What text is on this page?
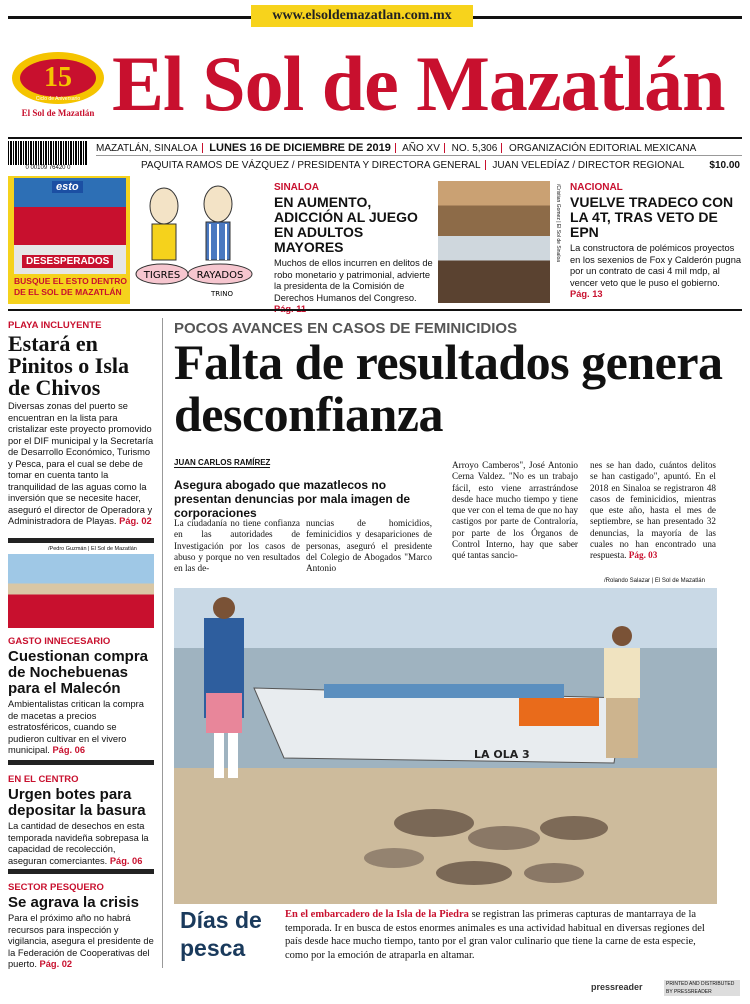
www.elsoldemazatlan.com.mx
15
Ciclo de Aniversario
El Sol de Mazatlán El Sol de Mazatlán
0 00109 76420 0
MAZATLÁN, SINALOA LUNES 16 DE DICIEMBRE DE 2019 AÑO XV NO. 5,306 ORGANIZACIÓN EDITORIAL MEXICANA
PAQUITA RAMOS DE VÁZQUEZ / PRESIDENTA Y DIRECTORA GENERAL JUAN VELEDÍAZ / DIRECTOR REGIONAL	$10.00
esto
DESESPERADOS
BUSQUE EL ESTO DENTRO DE EL SOL DE MAZATLÁN
TIGRES RAYADOS
TRINO
SINALOA
EN AUMENTO, ADICCIÓN AL JUEGO EN ADULTOS MAYORES

Muchos de ellos incurren en delitos de robo monetario y patrimonial, advierte la presidenta de la Comisión de Derechos Humanos del Congreso.

/Cristian Gomez | El Sol de Sinaloa NACIONAL
VUELVE TRADECO CON LA 4T, TRAS VETO DE EPN

La constructora de polémicos proyectos en los sexenios de Fox y Calderón pugna por un contrato de casi 4 mil mdp, al vencer veto que le puso el gobierno. Pág. 13

PLAYA INCLUYENTE
Estará en Pinitos o Isla de Chivos

Diversas zonas del puerto se encuentran en la lista para cristalizar este proyecto promovido por el DIF municipal y la Secretaría de Desarrollo Económico, Turismo y Pesca, para el cual se debe de tomar en cuenta tanto la tranquilidad de las aguas como la inversión que se necesite hacer, aseguró el director de Operadora y Administradora de Playas. Pág. 02

/Pedro Guzmán | El Sol de Mazatlán
GASTO INNECESARIO
Cuestionan compra de Nochebuenas para el Malecón

Ambientalistas critican la compra de macetas a precios estratosféricos, cuando se pudieron cultivar en el vivero municipal. Pág. 06

EN EL CENTRO
Urgen botes para depositar la basura

La cantidad de desechos en esta temporada navideña sobrepasa la capacidad de recolección, aseguran comerciantes. Pág. 06

SECTOR PESQUERO
Se agrava la crisis

Para el próximo año no habrá recursos para inspección y vigilancia, asegura el presidente de la Federación de Cooperativas del puerto. Pág. 02

POCOS AVANCES EN CASOS DE FEMINICIDIOS
Falta de resultados genera desconfianza
JUAN CARLOS RAMÍREZ
Asegura abogado que mazatlecos no presentan denuncias por mala imagen de corporaciones
La ciudadanía no tiene confianza en las autoridades de Investigación por los casos de abuso y porque no ven resultados en las de-
nuncias de homicidios, feminicidios y desapariciones de personas, aseguró el presidente del Colegio de Abogados "Marco Antonio
Arroyo Camberos", José Antonio Cerna Valdez. "No es un trabajo fácil, esto viene arrastrándose desde hace mucho tiempo y tiene que ver con el tema de que no hay castigos por parte de Contraloría, por parte de los Órganos de Control Interno, hay que saber qué tantas sancio-
nes se han dado, cuántos delitos se han castigado", apuntó. En el 2018 en Sinaloa se registraron 48 casos de feminicidios, mientras que este año, hasta el mes de septiembre, se han presentado 32 denuncias, la mayoría de las cuales no han encontrado una respuesta. Pág. 03
/Rolando Salazar | El Sol de Mazatlán
LA OLA 3
Días de pesca
En el embarcadero de la Isla de la Piedra se registran las primeras capturas de mantarraya de la temporada. Ir en busca de estos enormes animales es una actividad habitual en diversas regiones del país desde hace mucho tiempo, tanto por el gran valor culinario que tiene la carne de esta especie, como por la emoción de atraparla en altamar.
pressreader	PRINTED AND DISTRIBUTED BY PRESSREADER
